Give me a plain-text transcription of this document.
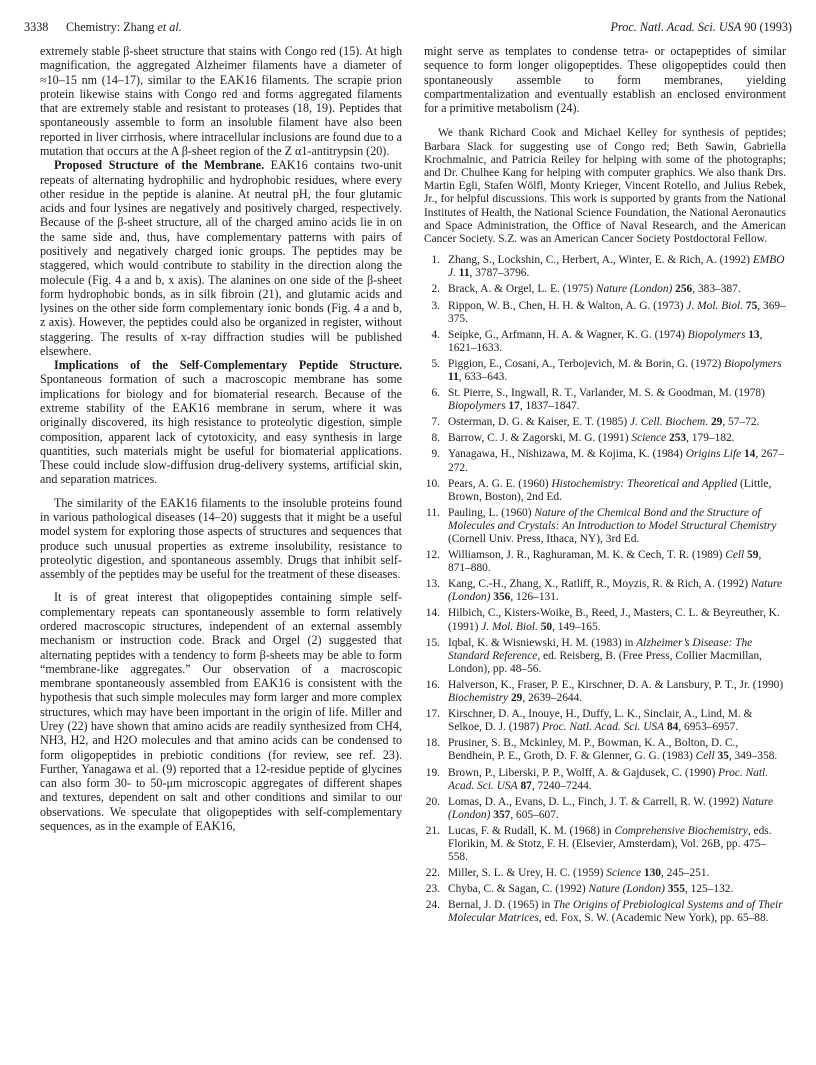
3338 Chemistry: Zhang et al.	Proc. Natl. Acad. Sci. USA 90 (1993)

extremely stable β-sheet structure that stains with Congo red (15). At high magnification, the aggregated Alzheimer filaments have a diameter of ≈10–15 nm (14–17), similar to the EAK16 filaments. The scrapie prion protein likewise stains with Congo red and forms aggregated filaments that are extremely stable and resistant to proteases (18, 19). Peptides that spontaneously assemble to form an insoluble filament have also been reported in liver cirrhosis, where intracellular inclusions are found due to a mutation that occurs at the A β-sheet region of the Z α1-antitrypsin (20).

Proposed Structure of the Membrane. EAK16 contains two-unit repeats of alternating hydrophilic and hydrophobic residues, where every other residue in the peptide is alanine. At neutral pH, the four glutamic acids and four lysines are negatively and positively charged, respectively. Because of the β-sheet structure, all of the charged amino acids lie in on the same side and, thus, have complementary patterns with pairs of positively and negatively charged ionic groups. The peptides may be staggered, which would contribute to stability in the direction along the molecule (Fig. 4 a and b, x axis). The alanines on one side of the β-sheet form hydrophobic bonds, as in silk fibroin (21), and glutamic acids and lysines on the other side form complementary ionic bonds (Fig. 4 a and b, z axis). However, the peptides could also be organized in register, without staggering. The results of x-ray diffraction studies will be published elsewhere.

Implications of the Self-Complementary Peptide Structure. Spontaneous formation of such a macroscopic membrane has some implications for biology and for biomaterial research. Because of the extreme stability of the EAK16 membrane in serum, where it was originally discovered, its high resistance to proteolytic digestion, simple composition, apparent lack of cytotoxicity, and easy synthesis in large quantities, such materials might be useful for biomaterial applications. These could include slow-diffusion drug-delivery systems, artificial skin, and separation matrices.

The similarity of the EAK16 filaments to the insoluble proteins found in various pathological diseases (14–20) suggests that it might be a useful model system for exploring those aspects of structures and sequences that produce such unusual properties as extreme insolubility, resistance to proteolytic digestion, and spontaneous assembly. Drugs that inhibit self-assembly of the peptides may be useful for the treatment of these diseases.

It is of great interest that oligopeptides containing simple self-complementary repeats can spontaneously assemble to form relatively ordered macroscopic structures, independent of an external assembly mechanism or instruction code. Brack and Orgel (2) suggested that alternating peptides with a tendency to form β-sheets may be able to form “membrane-like aggregates.” Our observation of a macroscopic membrane spontaneously assembled from EAK16 is consistent with the hypothesis that such simple molecules may form larger and more complex structures, which may have been important in the origin of life. Miller and Urey (22) have shown that amino acids are readily synthesized from CH4, NH3, H2, and H2O molecules and that amino acids can be condensed to form oligopeptides in prebiotic conditions (for review, see ref. 23). Further, Yanagawa et al. (9) reported that a 12-residue peptide of glycines can also form 30- to 50-μm microscopic aggregates of different shapes and textures, dependent on salt and other conditions and similar to our observations. We speculate that oligopeptides with self-complementary sequences, as in the example of EAK16,

might serve as templates to condense tetra- or octapeptides of similar sequence to form longer oligopeptides. These oligopeptides could then spontaneously assemble to form membranes, yielding compartmentalization and eventually establish an enclosed environment for a primitive metabolism (24).

We thank Richard Cook and Michael Kelley for synthesis of peptides; Barbara Slack for suggesting use of Congo red; Beth Sawin, Gabriella Krochmalnic, and Patricia Reiley for helping with some of the photographs; and Dr. Chulhee Kang for helping with computer graphics. We also thank Drs. Martin Egli, Stafen Wölfl, Monty Krieger, Vincent Rotello, and Julius Rebek, Jr., for helpful discussions. This work is supported by grants from the National Institutes of Health, the National Science Foundation, the National Aeronautics and Space Administration, the Office of Naval Research, and the American Cancer Society. S.Z. was an American Cancer Society Postdoctoral Fellow.

1. Zhang, S., Lockshin, C., Herbert, A., Winter, E. & Rich, A. (1992) EMBO J. 11, 3787–3796.
2. Brack, A. & Orgel, L. E. (1975) Nature (London) 256, 383–387.
3. Rippon, W. B., Chen, H. H. & Walton, A. G. (1973) J. Mol. Biol. 75, 369–375.
4. Seipke, G., Arfmann, H. A. & Wagner, K. G. (1974) Biopolymers 13, 1621–1633.
5. Piggion, E., Cosani, A., Terbojevich, M. & Borin, G. (1972) Biopolymers 11, 633–643.
6. St. Pierre, S., Ingwall, R. T., Varlander, M. S. & Goodman, M. (1978) Biopolymers 17, 1837–1847.
7. Osterman, D. G. & Kaiser, E. T. (1985) J. Cell. Biochem. 29, 57–72.
8. Barrow, C. J. & Zagorski, M. G. (1991) Science 253, 179–182.
9. Yanagawa, H., Nishizawa, M. & Kojima, K. (1984) Origins Life 14, 267–272.
10. Pears, A. G. E. (1960) Histochemistry: Theoretical and Applied (Little, Brown, Boston), 2nd Ed.
11. Pauling, L. (1960) Nature of the Chemical Bond and the Structure of Molecules and Crystals: An Introduction to Model Structural Chemistry (Cornell Univ. Press, Ithaca, NY), 3rd Ed.
12. Williamson, J. R., Raghuraman, M. K. & Cech, T. R. (1989) Cell 59, 871–880.
13. Kang, C.-H., Zhang, X., Ratliff, R., Moyzis, R. & Rich, A. (1992) Nature (London) 356, 126–131.
14. Hilbich, C., Kisters-Woike, B., Reed, J., Masters, C. L. & Beyreuther, K. (1991) J. Mol. Biol. 50, 149–165.
15. Iqbal, K. & Wisniewski, H. M. (1983) in Alzheimer’s Disease: The Standard Reference, ed. Reisberg, B. (Free Press, Collier Macmillan, London), pp. 48–56.
16. Halverson, K., Fraser, P. E., Kirschner, D. A. & Lansbury, P. T., Jr. (1990) Biochemistry 29, 2639–2644.
17. Kirschner, D. A., Inouye, H., Duffy, L. K., Sinclair, A., Lind, M. & Selkoe, D. J. (1987) Proc. Natl. Acad. Sci. USA 84, 6953–6957.
18. Prusiner, S. B., Mckinley, M. P., Bowman, K. A., Bolton, D. C., Bendhein, P. E., Groth, D. F. & Glenner, G. G. (1983) Cell 35, 349–358.
19. Brown, P., Liberski, P. P., Wolff, A. & Gajdusek, C. (1990) Proc. Natl. Acad. Sci. USA 87, 7240–7244.
20. Lomas, D. A., Evans, D. L., Finch, J. T. & Carrell, R. W. (1992) Nature (London) 357, 605–607.
21. Lucas, F. & Rudall, K. M. (1968) in Comprehensive Biochemistry, eds. Florikin, M. & Stotz, F. H. (Elsevier, Amsterdam), Vol. 26B, pp. 475–558.
22. Miller, S. L. & Urey, H. C. (1959) Science 130, 245–251.
23. Chyba, C. & Sagan, C. (1992) Nature (London) 355, 125–132.
24. Bernal, J. D. (1965) in The Origins of Prebiological Systems and of Their Molecular Matrices, ed. Fox, S. W. (Academic New York), pp. 65–88.
